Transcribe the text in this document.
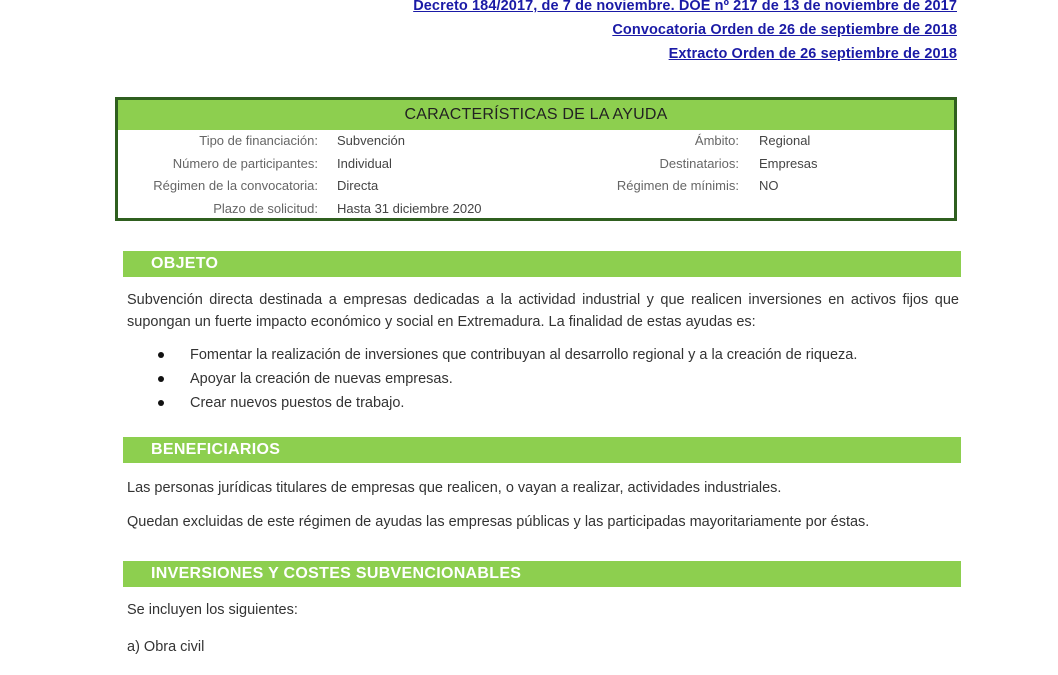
Decreto 184/2017, de 7 de noviembre. DOE nº 217 de 13 de noviembre de 2017
Convocatoria Orden de 26 de septiembre de 2018
Extracto Orden de 26 septiembre de 2018
CARACTERÍSTICAS DE LA AYUDA
Tipo de financiación: Subvención	Ámbito: Regional
Número de participantes: Individual	Destinatarios: Empresas
Régimen de la convocatoria: Directa	Régimen de mínimis: NO
Plazo de solicitud: Hasta 31 diciembre 2020
OBJETO
Subvención directa destinada a empresas dedicadas a la actividad industrial y que realicen inversiones en activos fijos que supongan un fuerte impacto económico y social en Extremadura. La finalidad de estas ayudas es:
Fomentar la realización de inversiones que contribuyan al desarrollo regional y a la creación de riqueza.
Apoyar la creación de nuevas empresas.
Crear nuevos puestos de trabajo.
BENEFICIARIOS
Las personas jurídicas titulares de empresas que realicen, o vayan a realizar, actividades industriales.
Quedan excluidas de este régimen de ayudas las empresas públicas y las participadas mayoritariamente por éstas.
INVERSIONES Y COSTES SUBVENCIONABLES
Se incluyen los siguientes:
a) Obra civil
